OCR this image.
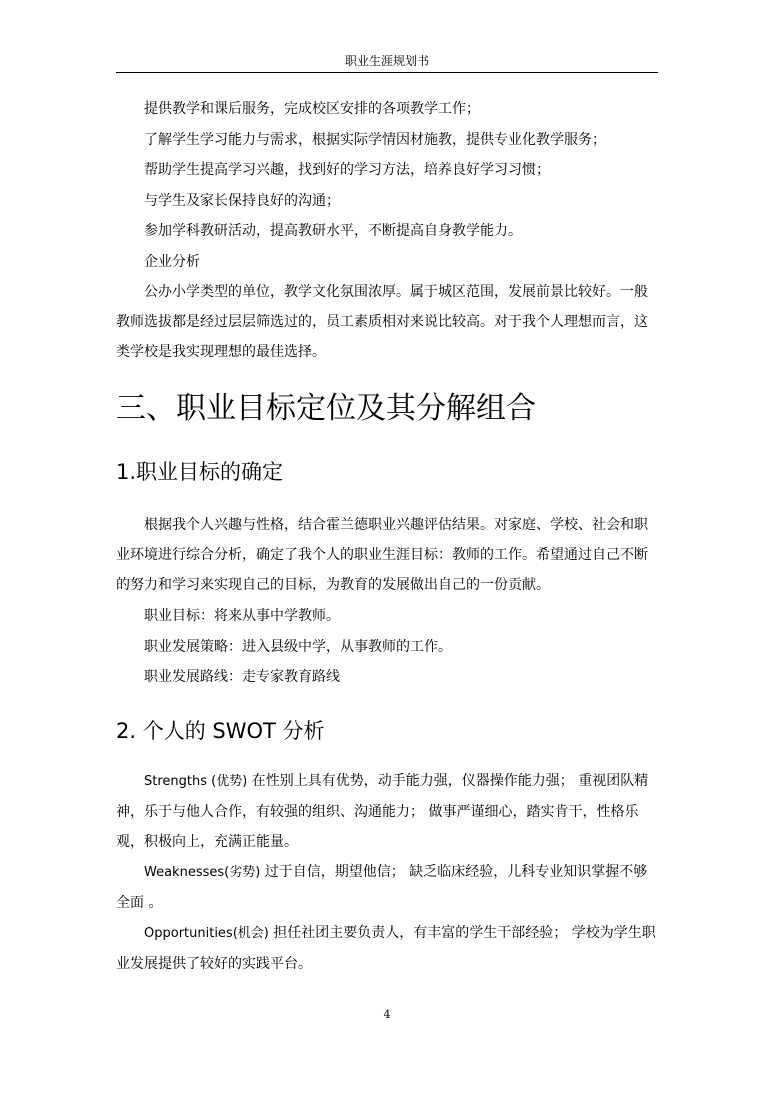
职业生涯规划书
提供教学和课后服务，完成校区安排的各项教学工作；
了解学生学习能力与需求，根据实际学情因材施教，提供专业化教学服务；
帮助学生提高学习兴趣，找到好的学习方法，培养良好学习习惯；
与学生及家长保持良好的沟通；
参加学科教研活动，提高教研水平，不断提高自身教学能力。
企业分析
公办小学类型的单位，教学文化氛围浓厚。属于城区范围，发展前景比较好。一般教师选拔都是经过层层筛选过的，员工素质相对来说比较高。对于我个人理想而言，这类学校是我实现理想的最佳选择。
三、职业目标定位及其分解组合
1.职业目标的确定
根据我个人兴趣与性格，结合霍兰德职业兴趣评估结果。对家庭、学校、社会和职业环境进行综合分析，确定了我个人的职业生涯目标：教师的工作。希望通过自己不断的努力和学习来实现自己的目标，为教育的发展做出自己的一份贡献。
职业目标：将来从事中学教师。
职业发展策略：进入县级中学，从事教师的工作。
职业发展路线：走专家教育路线
2. 个人的 SWOT 分析
Strengths (优势) 在性别上具有优势，动手能力强，仪器操作能力强； 重视团队精神，乐于与他人合作，有较强的组织、沟通能力； 做事严谨细心，踏实肯干，性格乐观，积极向上，充满正能量。
Weaknesses(劣势) 过于自信，期望他信； 缺乏临床经验，儿科专业知识掌握不够全面 。
Opportunities(机会) 担任社团主要负责人，有丰富的学生干部经验； 学校为学生职业发展提供了较好的实践平台。
4
